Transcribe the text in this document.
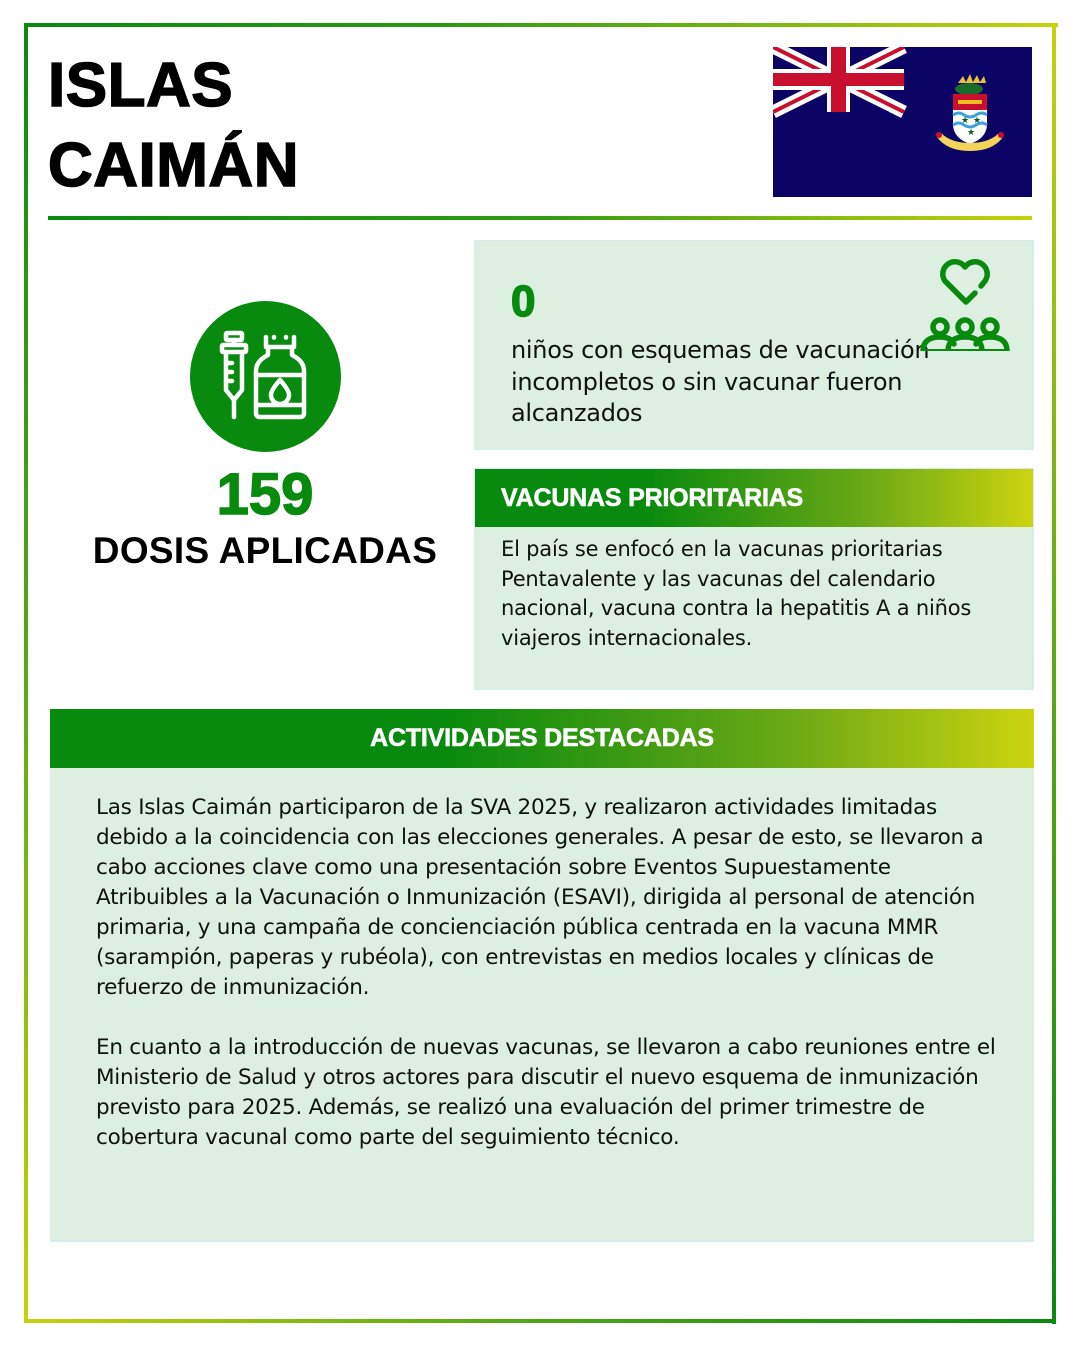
ISLAS
CAIMÁN
★ ★
★
159
DOSIS APLICADAS
0
niños con esquemas de vacunación incompletos o sin vacunar fueron alcanzados
VACUNAS PRIORITARIAS
El país se enfocó en la vacunas prioritarias Pentavalente y las vacunas del calendario nacional, vacuna contra la hepatitis A a niños viajeros internacionales.
ACTIVIDADES DESTACADAS

Las Islas Caimán participaron de la SVA 2025, y realizaron actividades limitadas debido a la coincidencia con las elecciones generales. A pesar de esto, se llevaron a cabo acciones clave como una presentación sobre Eventos Supuestamente Atribuibles a la Vacunación o Inmunización (ESAVI), dirigida al personal de atención primaria, y una campaña de concienciación pública centrada en la vacuna MMR (sarampión, paperas y rubéola), con entrevistas en medios locales y clínicas de refuerzo de inmunización.

En cuanto a la introducción de nuevas vacunas, se llevaron a cabo reuniones entre el Ministerio de Salud y otros actores para discutir el nuevo esquema de inmunización previsto para 2025. Además, se realizó una evaluación del primer trimestre de cobertura vacunal como parte del seguimiento técnico.
